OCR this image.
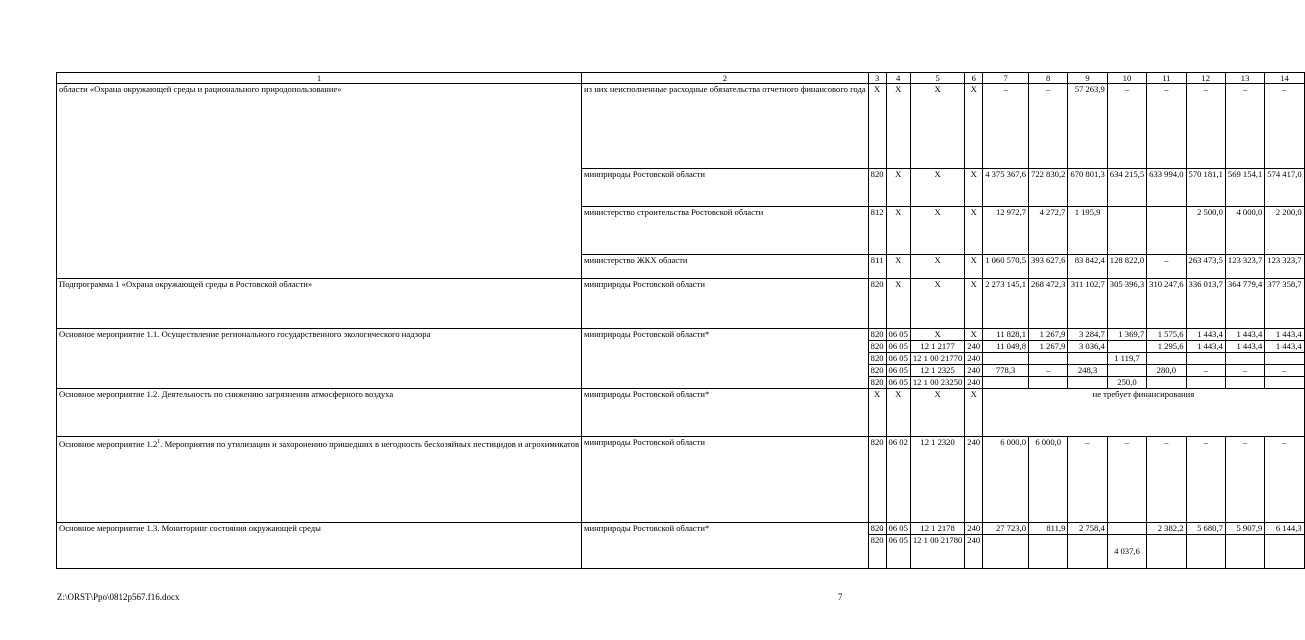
1	2	3	4	5	6	7	8	9	10	11	12	13	14
области «Охрана окружающей среды и рационального природопользование»	из них неисполненные расходные обязательства отчетного финансового года	X	X	X	X	–	–	57 263,9	–	–	–	–	–
	минприроды Ростовской области	820	X	X	X	4 375 367,6	722 830,2	670 801,3	634 215,5	633 994,0	570 181,1	569 154,1	574 417,0
	министерство строительства Ростовской области	812	X	X	X	12 972,7	4 272,7	1 195,9			2 500,0	4 000,0	2 200,0
	министерство ЖКХ области	811	X	X	X	1 060 570,5	393 627,6	83 842,4	128 822,0	–	263 473,5	123 323,7	123 323,7
Подпрограмма 1 «Охрана окружающей среды в Ростовской области»	минприроды Ростовской области	820	X	X	X	2 273 145,1	268 472,3	311 102,7	305 396,3	310 247,6	336 013,7	364 779,4	377 358,7
Основное мероприятие 1.1. Осуществление регионального государственного экологического надзора	минприроды Ростовской области*	820	06 05	X	X	11 828,1	1 267,9	3 284,7	1 369,7	1 575,6	1 443,4	1 443,4	1 443,4
		820	06 05	12 1 2177	240	11 049,8	1 267,9	3 036,4		1 295,6	1 443,4	1 443,4	1 443,4
		820	06 05	12 1 00 21770	240				1 119,7				
		820	06 05	12 1 2325	240	778,3	–	248,3		280,0	–	–	–
		820	06 05	12 1 00 23250	240				250,0				
Основное мероприятие 1.2. Деятельность по снижению загрязнения атмосферного воздуха	минприроды Ростовской области*	X	X	X	X	не требует финансирования							
Основное мероприятие $1.2^1$. Мероприятия по утилизации и захоронению пришедших в негодность бесхозяйных пестицидов и агрохимикатов	минприроды Ростовской области	820	06 02	12 1 2320	240	6 000,0	6 000,0	–	–	–	–	–	–
Основное мероприятие 1.3. Мониторинг состояния окружающей среды	минприроды Ростовской области*	820	06 05	12 1 2178	240	27 723,0	811,9	2 758,4		2 382,2	5 680,7	5 907,9	6 144,3
		820	06 05	12 1 00 21780	240				4 037,6				
Z:\ORST\Ppo\0812p567.f16.docx	7
